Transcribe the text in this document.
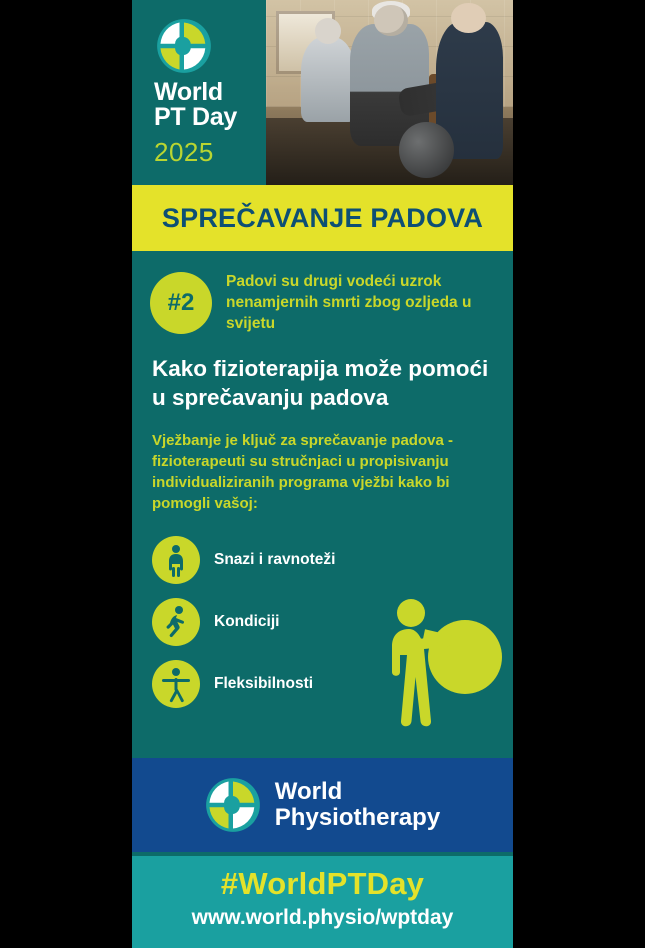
World
PT Day
2025
SPREČAVANJE PADOVA
#2
Padovi su drugi vodeći uzrok nenamjernih smrti zbog ozljeda u svijetu
Kako fizioterapija može pomoći u sprečavanju padova
Vježbanje je ključ za sprečavanje padova - fizioterapeuti su stručnjaci u propisivanju individualiziranih programa vježbi kako bi pomogli vašoj:
Snazi i ravnoteži
Kondiciji
Fleksibilnosti
World
Physiotherapy
#WorldPTDay
www.world.physio/wptday
